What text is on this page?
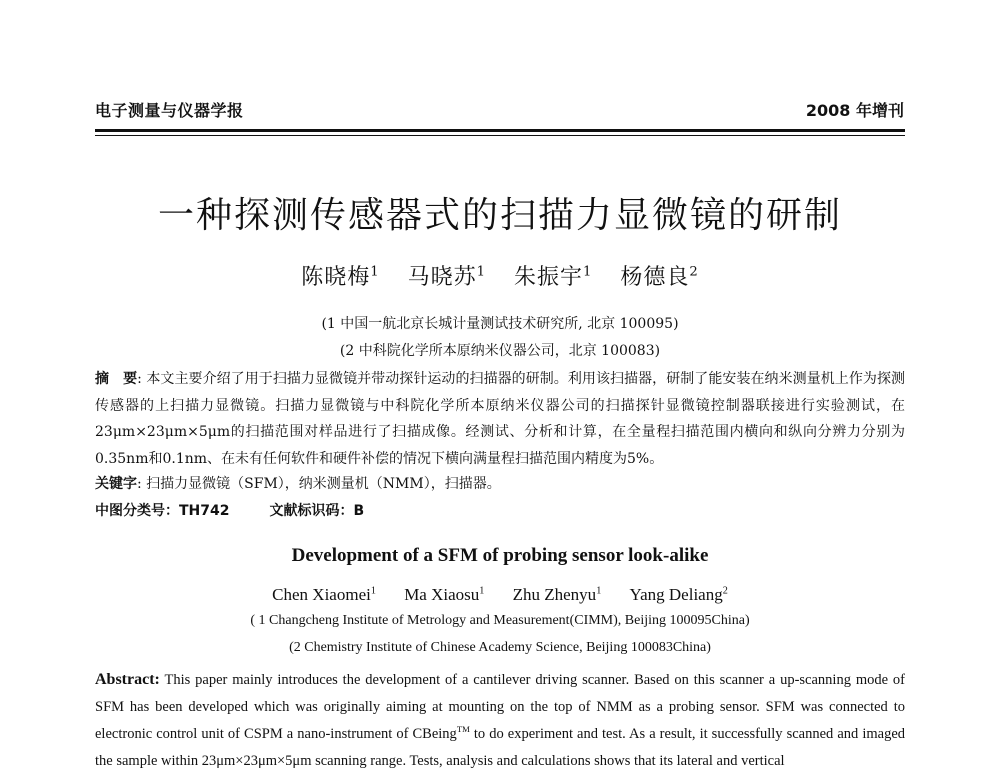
电子测量与仪器学报	2008 年增刊
一种探测传感器式的扫描力显微镜的研制
陈晓梅$^1$ 马晓苏$^1$ 朱振宇$^1$ 杨德良$^2$
(1 中国一航北京长城计量测试技术研究所, 北京 100095)
(2 中科院化学所本原纳米仪器公司，北京 100083)
摘　要: 本文主要介绍了用于扫描力显微镜并带动探针运动的扫描器的研制。利用该扫描器，研制了能安装在纳米测量机上作为探测传感器的上扫描力显微镜。扫描力显微镜与中科院化学所本原纳米仪器公司的扫描探针显微镜控制器联接进行实验测试，在23μm×23μm×5μm的扫描范围对样品进行了扫描成像。经测试、分析和计算，在全量程扫描范围内横向和纵向分辨力分别为0.35nm和0.1nm、在未有任何软件和硬件补偿的情况下横向满量程扫描范围内精度为5%。
关键字: 扫描力显微镜（SFM），纳米测量机（NMM），扫描器。
中图分类号：TH742	文献标识码：B
Development of a SFM of probing sensor look-alike
Chen Xiaomei$^1$ Ma Xiaosu$^1$ Zhu Zhenyu$^1$ Yang Deliang$^2$
( 1 Changcheng Institute of Metrology and Measurement(CIMM), Beijing 100095China)
(2 Chemistry Institute of Chinese Academy Science, Beijing 100083China)
Abstract: This paper mainly introduces the development of a cantilever driving scanner. Based on this scanner a up-scanning mode of SFM has been developed which was originally aiming at mounting on the top of NMM as a probing sensor. SFM was connected to electronic control unit of CSPM a nano-instrument of CBeing™ to do experiment and test. As a result, it successfully scanned and imaged the sample within 23μm×23μm×5μm scanning range. Tests, analysis and calculations shows that its lateral and vertical
